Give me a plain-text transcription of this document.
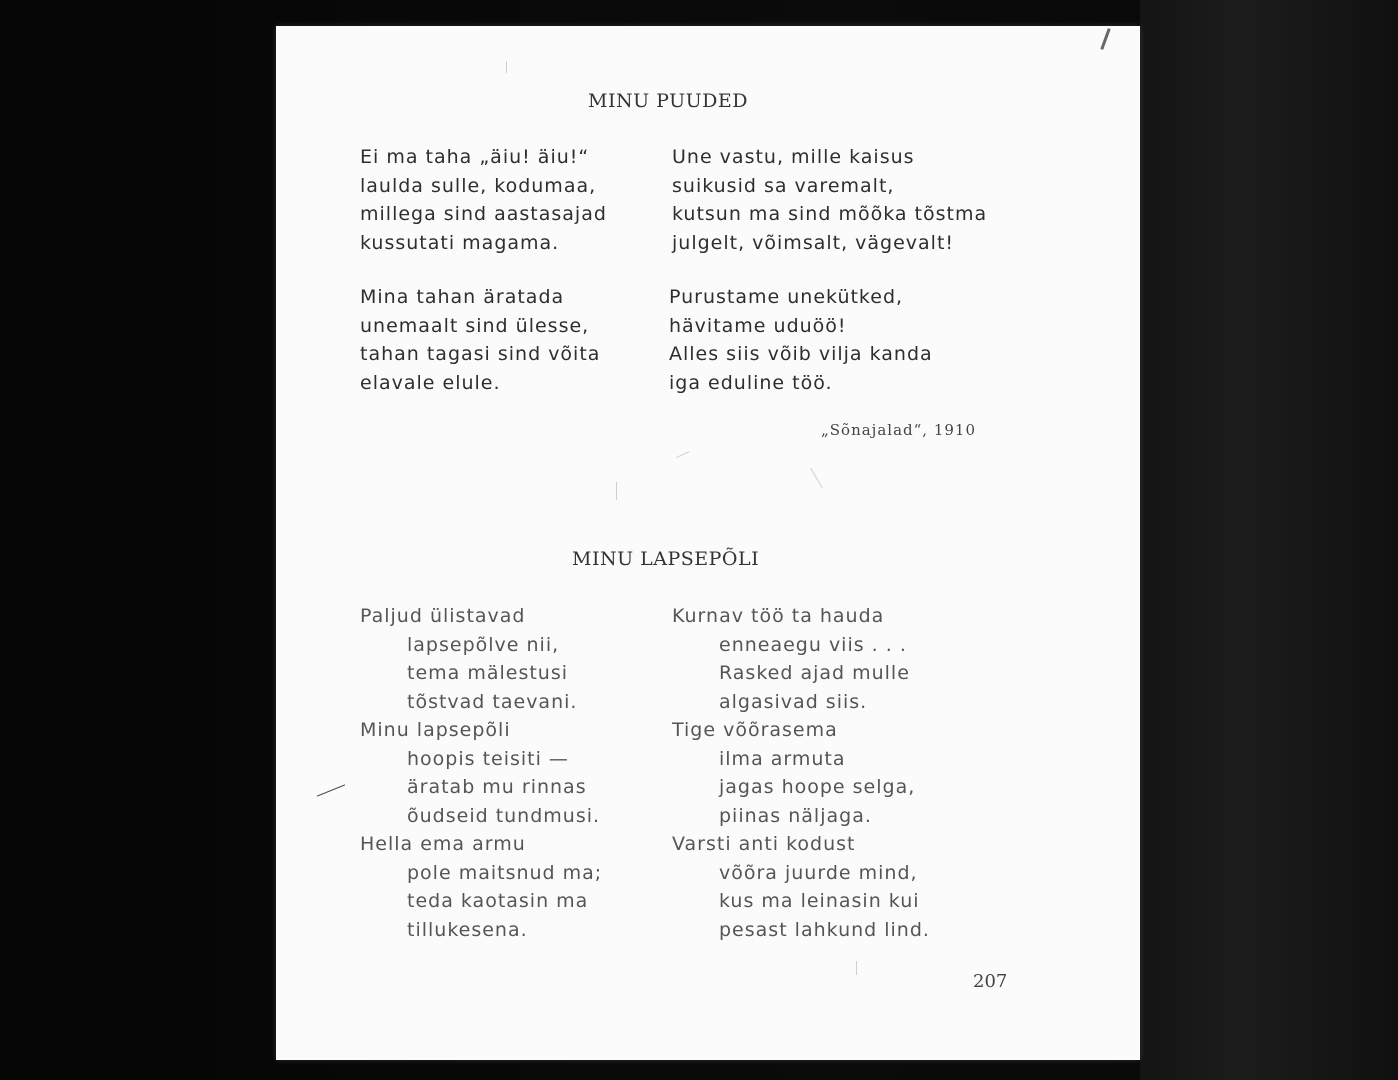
MINU PUUDED
Ei ma taha „äiu! äiu!“
laulda sulle, kodumaa,
millega sind aastasajad
kussutati magama.
Mina tahan äratada
unemaalt sind ülesse,
tahan tagasi sind võita
elavale elule.
Une vastu, mille kaisus
suikusid sa varemalt,
kutsun ma sind mõõka tõstma
julgelt, võimsalt, vägevalt!
Purustame unekütked,
hävitame uduöö!
Alles siis võib vilja kanda
iga eduline töö.
„Sõnajalad“, 1910
MINU LAPSEPÕLI
Paljud ülistavad
lapsepõlve nii,
tema mälestusi
tõstvad taevani.
Minu lapsepõli
hoopis teisiti —
äratab mu rinnas
õudseid tundmusi.
Hella ema armu
pole maitsnud ma;
teda kaotasin ma
tillukesena.
Kurnav töö ta hauda
enneaegu viis . . .
Rasked ajad mulle
algasivad siis.
Tige võõrasema
ilma armuta
jagas hoope selga,
piinas näljaga.
Varsti anti kodust
võõra juurde mind,
kus ma leinasin kui
pesast lahkund lind.
207
